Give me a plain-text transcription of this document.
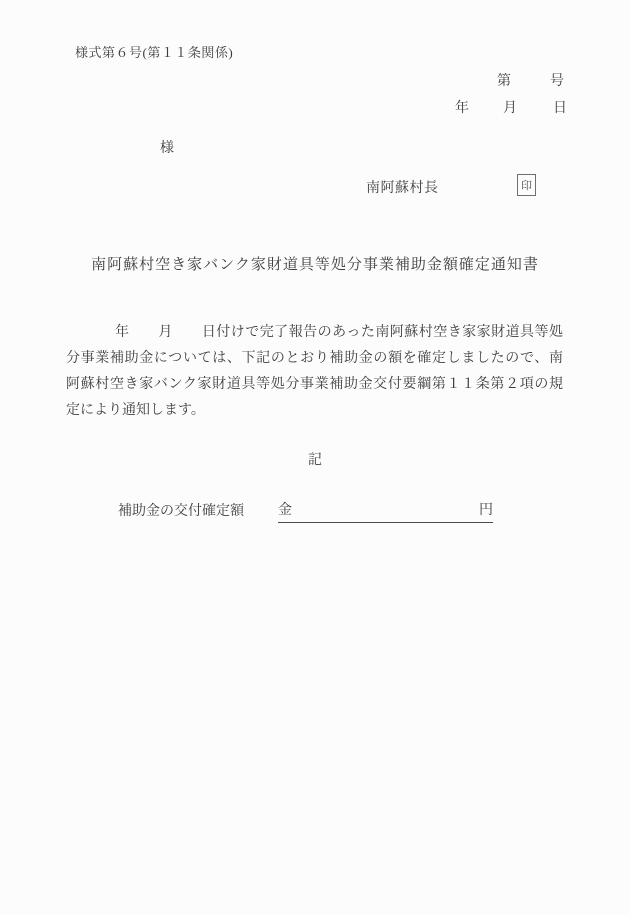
様式第６号(第１１条関係)
第	号
年 月	日
様
南阿蘇村長	印
南阿蘇村空き家バンク家財道具等処分事業補助金額確定通知書
年　　月　　日付けで完了報告のあった南阿蘇村空き家家財道具等処
分事業補助金については、下記のとおり補助金の額を確定しましたので、南
阿蘇村空き家バンク家財道具等処分事業補助金交付要綱第１１条第２項の規
定により通知します。
記
補助金の交付確定額 金	円
